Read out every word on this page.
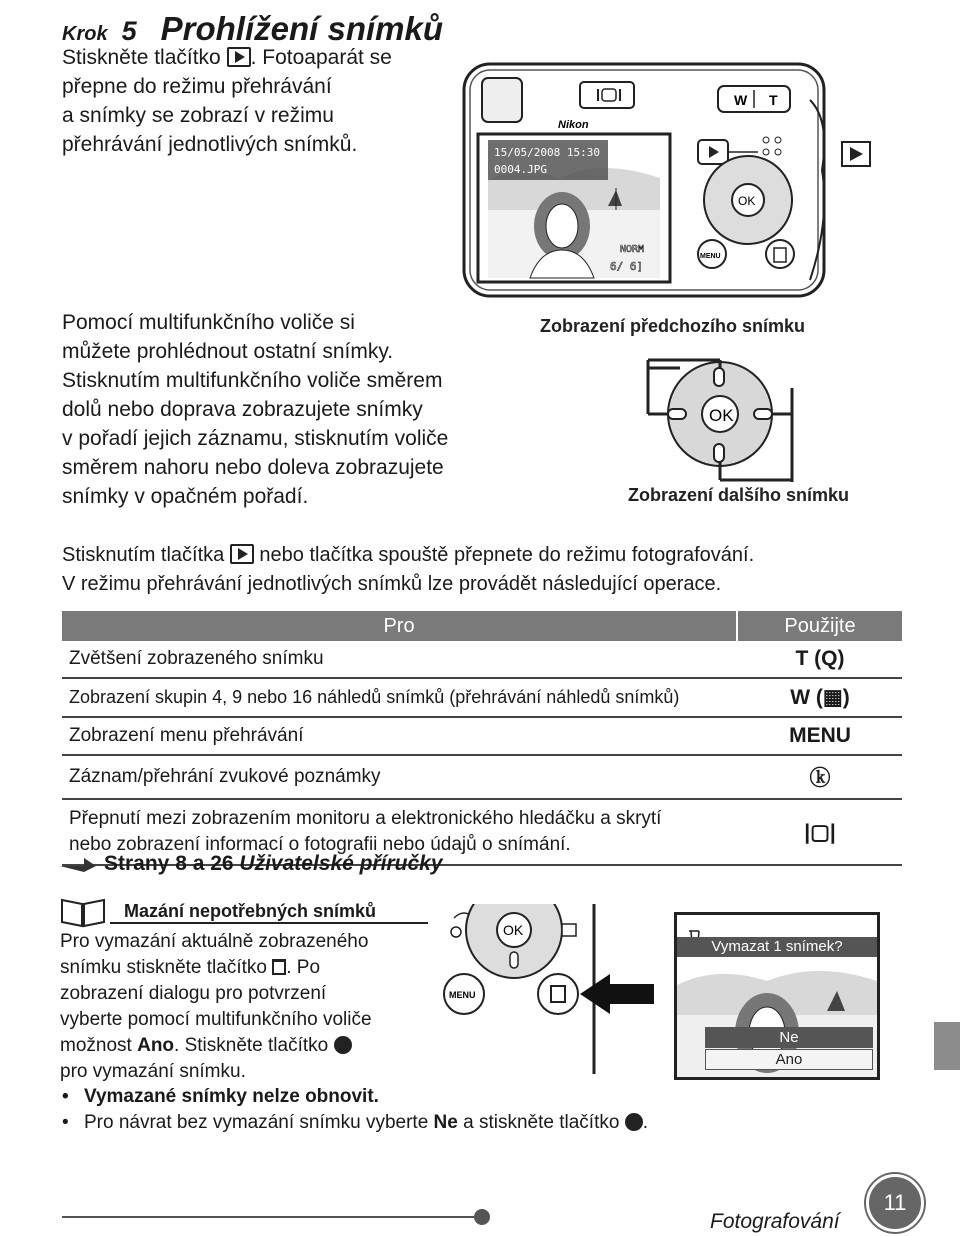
Krok 5 Prohlížení snímků
Stiskněte tlačítko . Fotoaparát se
přepne do režimu přehrávání
a snímky se zobrazí v režimu
přehrávání jednotlivých snímků.
W T
Nikon
15/05/2008 15:30
0004.JPG
NORM
6/ 6]
OK
MENU
Pomocí multifunkčního voliče si
můžete prohlédnout ostatní snímky.
Stisknutím multifunkčního voliče směrem
dolů nebo doprava zobrazujete snímky
v pořadí jejich záznamu, stisknutím voliče
směrem nahoru nebo doleva zobrazujete
snímky v opačném pořadí.
Zobrazení předchozího snímku
OK
Zobrazení dalšího snímku
Stisknutím tlačítka nebo tlačítka spouště přepnete do režimu fotografování.
V režimu přehrávání jednotlivých snímků lze provádět následující operace.
Pro	Použijte
Zvětšení zobrazeného snímku	T (Q)
Zobrazení skupin 4, 9 nebo 16 náhledů snímků (přehrávání náhledů snímků)	W (▦)
Zobrazení menu přehrávání	MENU
Záznam/přehrání zvukové poznámky	ⓚ

Přepnutí mezi zobrazením monitoru a elektronického hledáčku a skrytí
nebo zobrazení informací o fotografii nebo údajů o snímání.	|▢|
Strany 8 a 26 Uživatelské příručky
Mazání nepotřebných snímků
Pro vymazání aktuálně zobrazeného
snímku stiskněte tlačítko . Po
zobrazení dialogu pro potvrzení
vyberte pomocí multifunkčního voliče
možnost Ano. Stiskněte tlačítko
pro vymazání snímku.
• Vymazané snímky nelze obnovit.
• Pro návrat bez vymazání snímku vyberte Ne a stiskněte tlačítko .
OK
MENU
Vymazat 1 snímek?
Ne
Ano
Fotografování
11
